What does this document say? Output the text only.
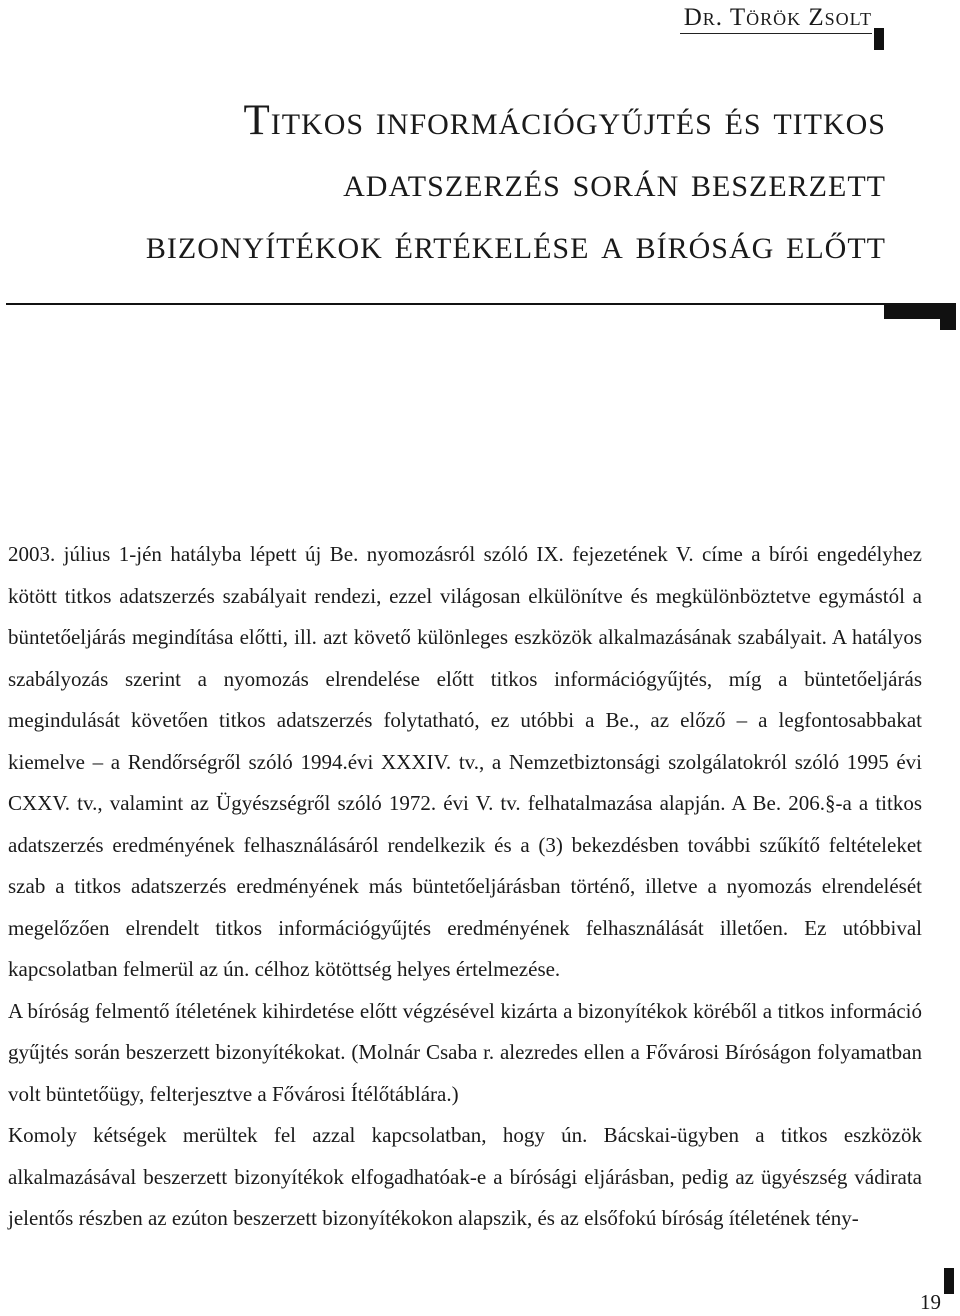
Dr. Török Zsolt
Titkos információgyűjtés és titkos
adatszerzés során beszerzett
bizonyítékok értékelése a bíróság előtt

2003. július 1-jén hatályba lépett új Be. nyomozásról szóló IX. fejezetének V. címe a bírói engedélyhez kötött titkos adatszerzés szabályait rendezi, ezzel világosan elkülönítve és megkülönböztetve egymástól a büntetőeljárás megindítása előtti, ill. azt követő különleges eszközök alkalmazásának szabályait. A hatályos szabályozás szerint a nyomozás elrendelése előtt titkos információgyűjtés, míg a büntetőeljárás megindulását követően titkos adatszerzés folytatható, ez utóbbi a Be., az előző – a legfontosabbakat kiemelve – a Rendőrségről szóló 1994.évi XXXIV. tv., a Nemzetbiztonsági szolgálatokról szóló 1995 évi CXXV. tv., valamint az Ügyészségről szóló 1972. évi V. tv. felhatalmazása alapján. A Be. 206.§-a a titkos adatszerzés eredményének felhasználásáról rendelkezik és a (3) bekezdésben további szűkítő feltételeket szab a titkos adatszerzés eredményének más büntetőeljárásban történő, illetve a nyomozás elrendelését megelőzően elrendelt titkos információgyűjtés eredményének felhasználását illetően. Ez utóbbival kapcsolatban felmerül az ún. célhoz kötöttség helyes értelmezése.

A bíróság felmentő ítéletének kihirdetése előtt végzésével kizárta a bizonyítékok köréből a titkos információ gyűjtés során beszerzett bizonyítékokat. (Molnár Csaba r. alezredes ellen a Fővárosi Bíróságon folyamatban volt büntetőügy, felterjesztve a Fővárosi Ítélőtáblára.)

Komoly kétségek merültek fel azzal kapcsolatban, hogy ún. Bácskai-ügyben a titkos eszközök alkalmazásával beszerzett bizonyítékok elfogadhatóak-e a bírósági eljárásban, pedig az ügyészség vádirata jelentős részben az ezúton beszerzett bizonyítékokon alapszik, és az elsőfokú bíróság ítéletének tény-

19
